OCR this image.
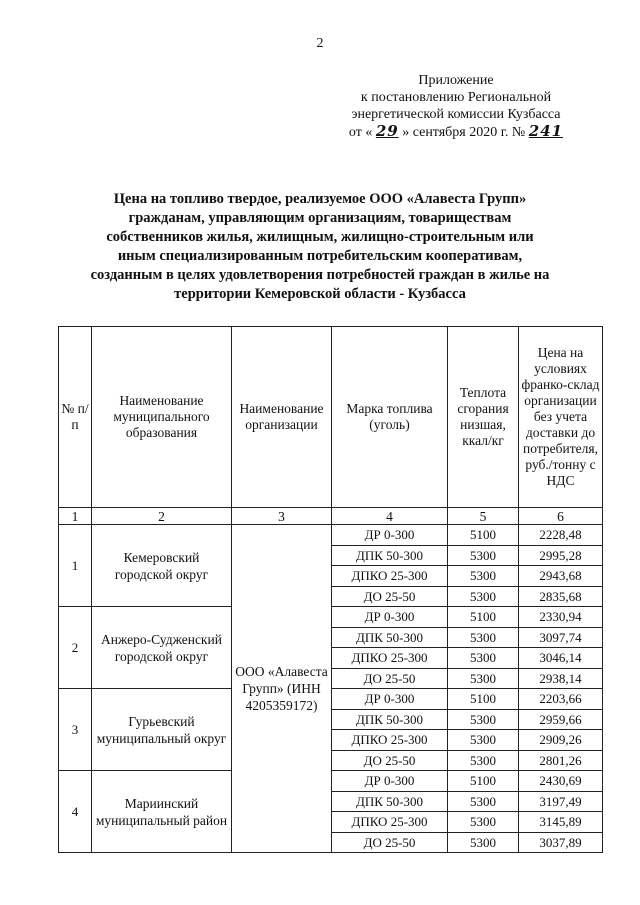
2
Приложение
к постановлению Региональной
энергетической комиссии Кузбасса
от « 29 » сентября 2020 г. № 241
Цена на топливо твердое, реализуемое ООО «Алавеста Групп»
гражданам, управляющим организациям, товариществам
собственников жилья, жилищным, жилищно-строительным или
иным специализированным потребительским кооперативам,
созданным в целях удовлетворения потребностей граждан в жилье на
территории Кемеровской области - Кузбасса
№ п/п	Наименование муниципального образования	Наименование организации	Марка топлива (уголь)	Теплота сгорания низшая, ккал/кг	Цена на условиях франко-склад организации без учета доставки до потребителя, руб./тонну с НДС
1	2	3	4	5	6
1	Кемеровский городской округ	ООО «Алавеста Групп» (ИНН 4205359172)	ДР 0-300	5100	2228,48
			ДПК 50-300	5300	2995,28
			ДПКО 25-300	5300	2943,68
			ДО 25-50	5300	2835,68
2	Анжеро-Судженский городской округ		ДР 0-300	5100	2330,94
			ДПК 50-300	5300	3097,74
			ДПКО 25-300	5300	3046,14
			ДО 25-50	5300	2938,14
3	Гурьевский муниципальный округ		ДР 0-300	5100	2203,66
			ДПК 50-300	5300	2959,66
			ДПКО 25-300	5300	2909,26
			ДО 25-50	5300	2801,26
4	Мариинский муниципальный район		ДР 0-300	5100	2430,69
			ДПК 50-300	5300	3197,49
			ДПКО 25-300	5300	3145,89
			ДО 25-50	5300	3037,89
